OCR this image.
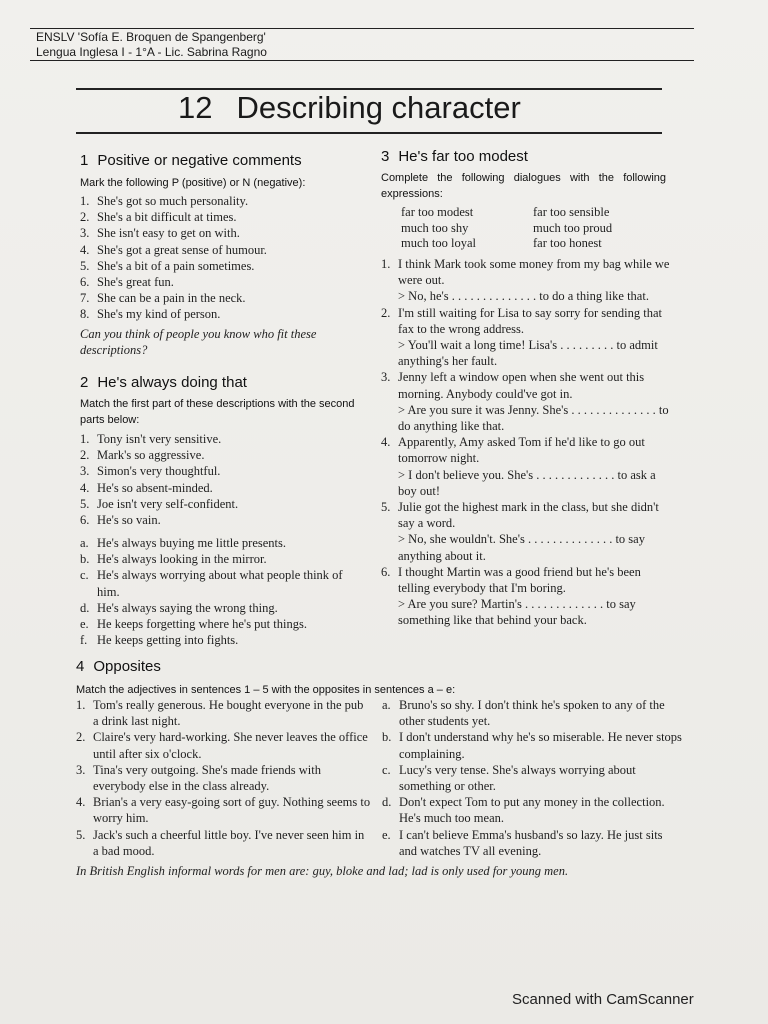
ENSLV 'Sofía E. Broquen de Spangenberg'
Lengua Inglesa I - 1°A - Lic. Sabrina Ragno
12 Describing character
1 Positive or negative comments
Mark the following P (positive) or N (negative):
1. She's got so much personality.
2. She's a bit difficult at times.
3. She isn't easy to get on with.
4. She's got a great sense of humour.
5. She's a bit of a pain sometimes.
6. She's great fun.
7. She can be a pain in the neck.
8. She's my kind of person.
Can you think of people you know who fit these descriptions?
2 He's always doing that
Match the first part of these descriptions with the second parts below:
1. Tony isn't very sensitive.
2. Mark's so aggressive.
3. Simon's very thoughtful.
4. He's so absent-minded.
5. Joe isn't very self-confident.
6. He's so vain.
a. He's always buying me little presents.
b. He's always looking in the mirror.
c. He's always worrying about what people think of him.
d. He's always saying the wrong thing.
e. He keeps forgetting where he's put things.
f. He keeps getting into fights.
3 He's far too modest
Complete the following dialogues with the following expressions:
far too modest	far too sensible
much too shy	much too proud
much too loyal	far too honest
1. I think Mark took some money from my bag while we were out.
> No, he's . . . . . . . . . . . . . . to do a thing like that.
2. I'm still waiting for Lisa to say sorry for sending that fax to the wrong address.
> You'll wait a long time! Lisa's . . . . . . . . . to admit anything's her fault.
3. Jenny left a window open when she went out this morning. Anybody could've got in.
> Are you sure it was Jenny. She's . . . . . . . . . . . . . . to do anything like that.
4. Apparently, Amy asked Tom if he'd like to go out tomorrow night.
> I don't believe you. She's . . . . . . . . . . . . . to ask a boy out!
5. Julie got the highest mark in the class, but she didn't say a word.
> No, she wouldn't. She's . . . . . . . . . . . . . . to say anything about it.
6. I thought Martin was a good friend but he's been telling everybody that I'm boring.
> Are you sure? Martin's . . . . . . . . . . . . . to say something like that behind your back.
4 Opposites
Match the adjectives in sentences 1 – 5 with the opposites in sentences a – e:
1. Tom's really generous. He bought everyone in the pub a drink last night.
2. Claire's very hard-working. She never leaves the office until after six o'clock.
3. Tina's very outgoing. She's made friends with everybody else in the class already.
4. Brian's a very easy-going sort of guy. Nothing seems to worry him.
5. Jack's such a cheerful little boy. I've never seen him in a bad mood.
a. Bruno's so shy. I don't think he's spoken to any of the other students yet.
b. I don't understand why he's so miserable. He never stops complaining.
c. Lucy's very tense. She's always worrying about something or other.
d. Don't expect Tom to put any money in the collection. He's much too mean.
e. I can't believe Emma's husband's so lazy. He just sits and watches TV all evening.
In British English informal words for men are: guy, bloke and lad; lad is only used for young men.
Scanned with CamScanner
